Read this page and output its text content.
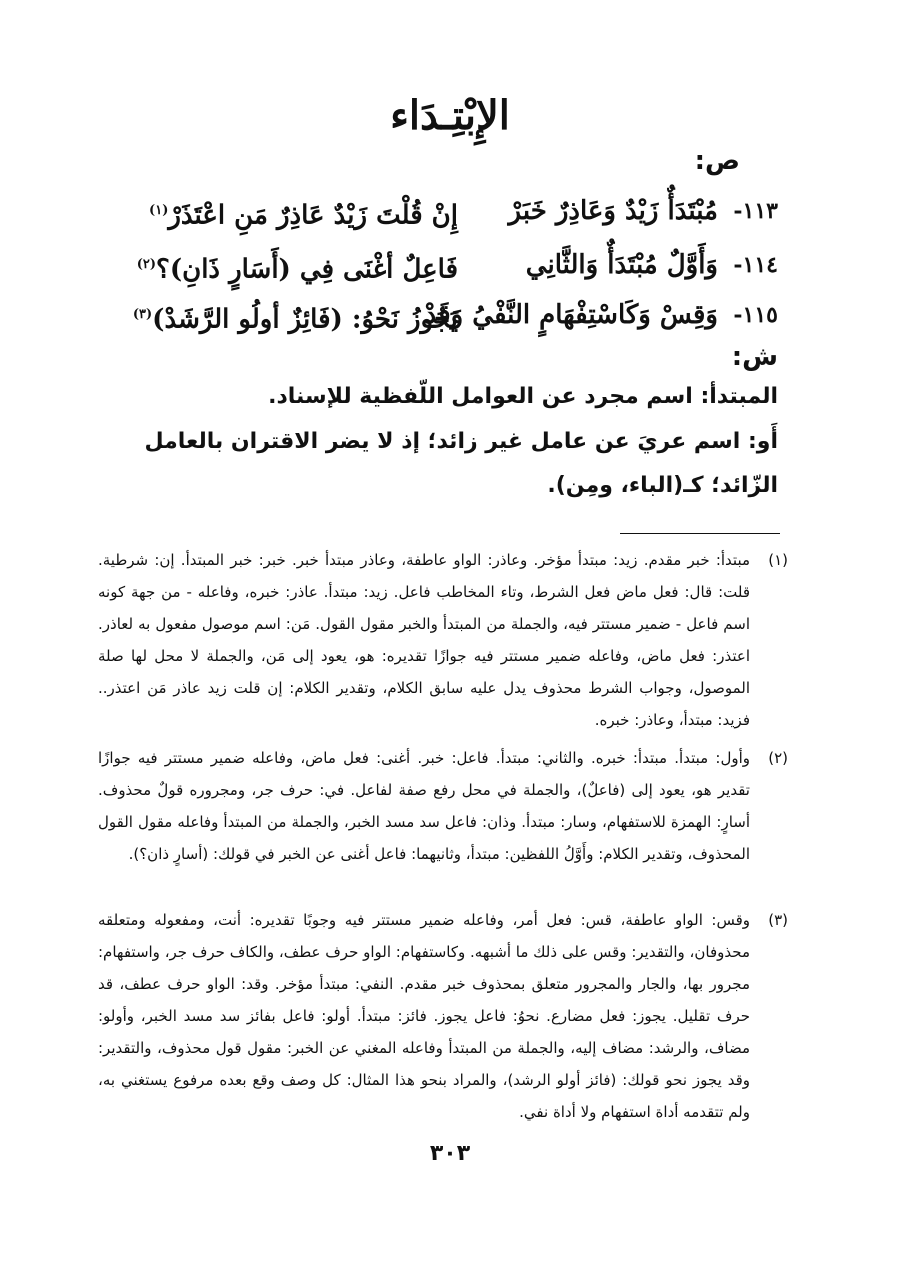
الإِبْتِـدَاء
ص:
١١٣-
مُبْتَدَأٌ زَيْدٌ وَعَاذِرٌ خَبَرْ
إِنْ قُلْتَ زَيْدٌ عَاذِرٌ مَنِ اعْتَذَرْ$^{(١)}$
١١٤-
وَأَوَّلٌ مُبْتَدَأٌ وَالثَّانِي
فَاعِلٌ أغْنَى فِي (أَسَارٍ ذَانِ)؟$^{(٢)}$
١١٥-
وَقِسْ وَكَاسْتِفْهَامٍ النَّفْيُ وَقَدْ
يَجُوزُ نَحْوُ: (فَائِزٌ أولُو الرَّشَدْ)$^{(٣)}$
ش:
المبتدأ: اسم مجرد عن العوامل اللّفظية للإسناد.
أَو: اسم عريَ عن عامل غير زائد؛ إذ لا يضر الاقتران بالعامل الزّائد؛ كـ(الباء، ومِن).
(١)
مبتدأ: خبر مقدم. زيد: مبتدأ مؤخر. وعاذر: الواو عاطفة، وعاذر مبتدأ خبر. خبر: خبر المبتدأ. إن: شرطية. قلت: قال: فعل ماض فعل الشرط، وتاء المخاطب فاعل. زيد: مبتدأ. عاذر: خبره، وفاعله - من جهة كونه اسم فاعل - ضمير مستتر فيه، والجملة من المبتدأ والخبر مقول القول. مَن: اسم موصول مفعول به لعاذر. اعتذر: فعل ماض، وفاعله ضمير مستتر فيه جوازًا تقديره: هو، يعود إلى مَن، والجملة لا محل لها صلة الموصول، وجواب الشرط محذوف يدل عليه سابق الكلام، وتقدير الكلام: إن قلت زيد عاذر مَن اعتذر.. فزيد: مبتدأ، وعاذر: خبره.
(٢)
وأول: مبتدأ. مبتدأ: خبره. والثاني: مبتدأ. فاعل: خبر. أغنى: فعل ماض، وفاعله ضمير مستتر فيه جوازًا تقدير هو، يعود إلى (فاعلٌ)، والجملة في محل رفع صفة لفاعل. في: حرف جر، ومجروره قولٌ محذوف. أسارٍ: الهمزة للاستفهام، وسار: مبتدأ. وذان: فاعل سد مسد الخبر، والجملة من المبتدأ وفاعله مقول القول المحذوف، وتقدير الكلام: وأَوَّلُ اللفظين: مبتدأ، وثانيهما: فاعل أغنى عن الخبر في قولك: (أسارٍ ذان؟).
(٣)
وقس: الواو عاطفة، قس: فعل أمر، وفاعله ضمير مستتر فيه وجوبًا تقديره: أنت، ومفعوله ومتعلقه محذوفان، والتقدير: وقس على ذلك ما أشبهه. وكاستفهام: الواو حرف عطف، والكاف حرف جر، واستفهام: مجرور بها، والجار والمجرور متعلق بمحذوف خبر مقدم. النفي: مبتدأ مؤخر. وقد: الواو حرف عطف، قد حرف تقليل. يجوز: فعل مضارع. نحوُ: فاعل يجوز. فائز: مبتدأ. أولو: فاعل بفائز سد مسد الخبر، وأولو: مضاف، والرشد: مضاف إليه، والجملة من المبتدأ وفاعله المغني عن الخبر: مقول قول محذوف، والتقدير: وقد يجوز نحو قولك: (فائز أولو الرشد)، والمراد بنحو هذا المثال: كل وصف وقع بعده مرفوع يستغني به، ولم تتقدمه أداة استفهام ولا أداة نفي.
٣٠٣
